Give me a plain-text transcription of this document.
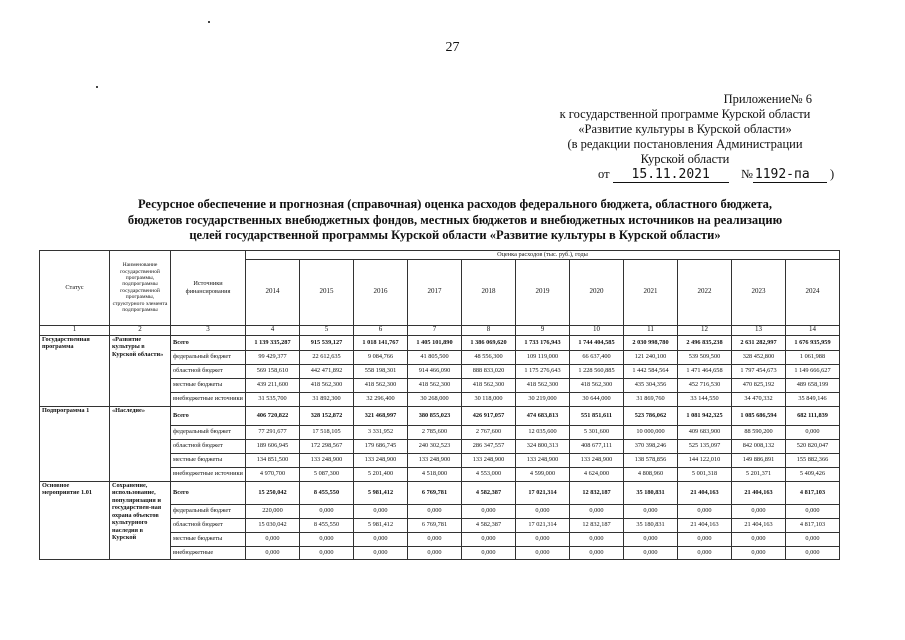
27
Приложение№ 6
к государственной программе Курской области
«Развитие культуры в Курской области»
(в редакции постановления Администрации
Курской области
от 15.11.2021 № 1192-па )
Ресурсное обеспечение и прогнозная (справочная) оценка расходов федерального бюджета, областного бюджета,
бюджетов государственных внебюджетных фондов, местных бюджетов и внебюджетных источников на реализацию
целей государственной программы Курской области «Развитие культуры в Курской области»
Статус	Наименование государственной программы, подпрограммы государственной программы, структурного элемента подпрограммы	Источники финансирования	Оценка расходов (тыс. руб.), годы										
			2014	2015	2016	2017	2018	2019	2020	2021	2022	2023	2024
1	2	3	4	5	6	7	8	9	10	11	12	13	14
Государственная программа	«Развитие культуры в Курской области»	Всего	1 139 335,287	915 539,127	1 018 141,767	1 405 101,890	1 386 069,620	1 733 176,943	1 744 404,585	2 030 998,780	2 496 835,238	2 631 282,997	1 676 935,959
		федеральный бюджет	99 429,377	22 612,635	9 084,766	41 805,500	48 556,300	109 119,000	66 637,400	121 240,100	539 509,500	328 452,800	1 061,988
		областной бюджет	569 158,610	442 471,892	558 198,301	914 466,090	888 833,020	1 175 276,643	1 228 560,885	1 442 584,564	1 471 464,658	1 797 454,673	1 149 666,627
		местные бюджеты	439 211,600	418 562,300	418 562,300	418 562,300	418 562,300	418 562,300	418 562,300	435 304,356	452 716,530	470 825,192	489 658,199
		внебюджетные источники	31 535,700	31 892,300	32 296,400	30 268,000	30 118,000	30 219,000	30 644,000	31 869,760	33 144,550	34 470,332	35 849,146
Подпрограмма 1	«Наследие»	Всего	406 720,822	328 152,872	321 468,997	380 855,023	426 917,057	474 683,813	551 851,611	523 786,062	1 081 942,325	1 085 686,594	682 111,839
		федеральный бюджет	77 291,677	17 518,105	3 331,952	2 785,600	2 767,600	12 035,600	5 301,600	10 000,000	409 683,900	88 590,200	0,000
		областной бюджет	189 606,945	172 298,567	179 686,745	240 302,523	286 347,557	324 800,313	408 677,111	370 398,246	525 135,097	842 008,132	520 820,047
		местные бюджеты	134 851,500	133 248,900	133 248,900	133 248,900	133 248,900	133 248,900	133 248,900	138 578,856	144 122,010	149 886,891	155 882,366
		внебюджетные источники	4 970,700	5 087,300	5 201,400	4 518,000	4 553,000	4 599,000	4 624,000	4 808,960	5 001,318	5 201,371	5 409,426
Основное мероприятие 1.01	Сохранение, использование, популяризация и государствен-ная охрана объектов культурного наследия в Курской	Всего	15 250,042	8 455,550	5 981,412	6 769,781	4 582,387	17 021,314	12 832,187	35 180,831	21 404,163	21 404,163	4 817,103
		федеральный бюджет	220,000	0,000	0,000	0,000	0,000	0,000	0,000	0,000	0,000	0,000	0,000
		областной бюджет	15 030,042	8 455,550	5 981,412	6 769,781	4 582,387	17 021,314	12 832,187	35 180,831	21 404,163	21 404,163	4 817,103
		местные бюджеты	0,000	0,000	0,000	0,000	0,000	0,000	0,000	0,000	0,000	0,000	0,000
		внебюджетные	0,000	0,000	0,000	0,000	0,000	0,000	0,000	0,000	0,000	0,000	0,000
